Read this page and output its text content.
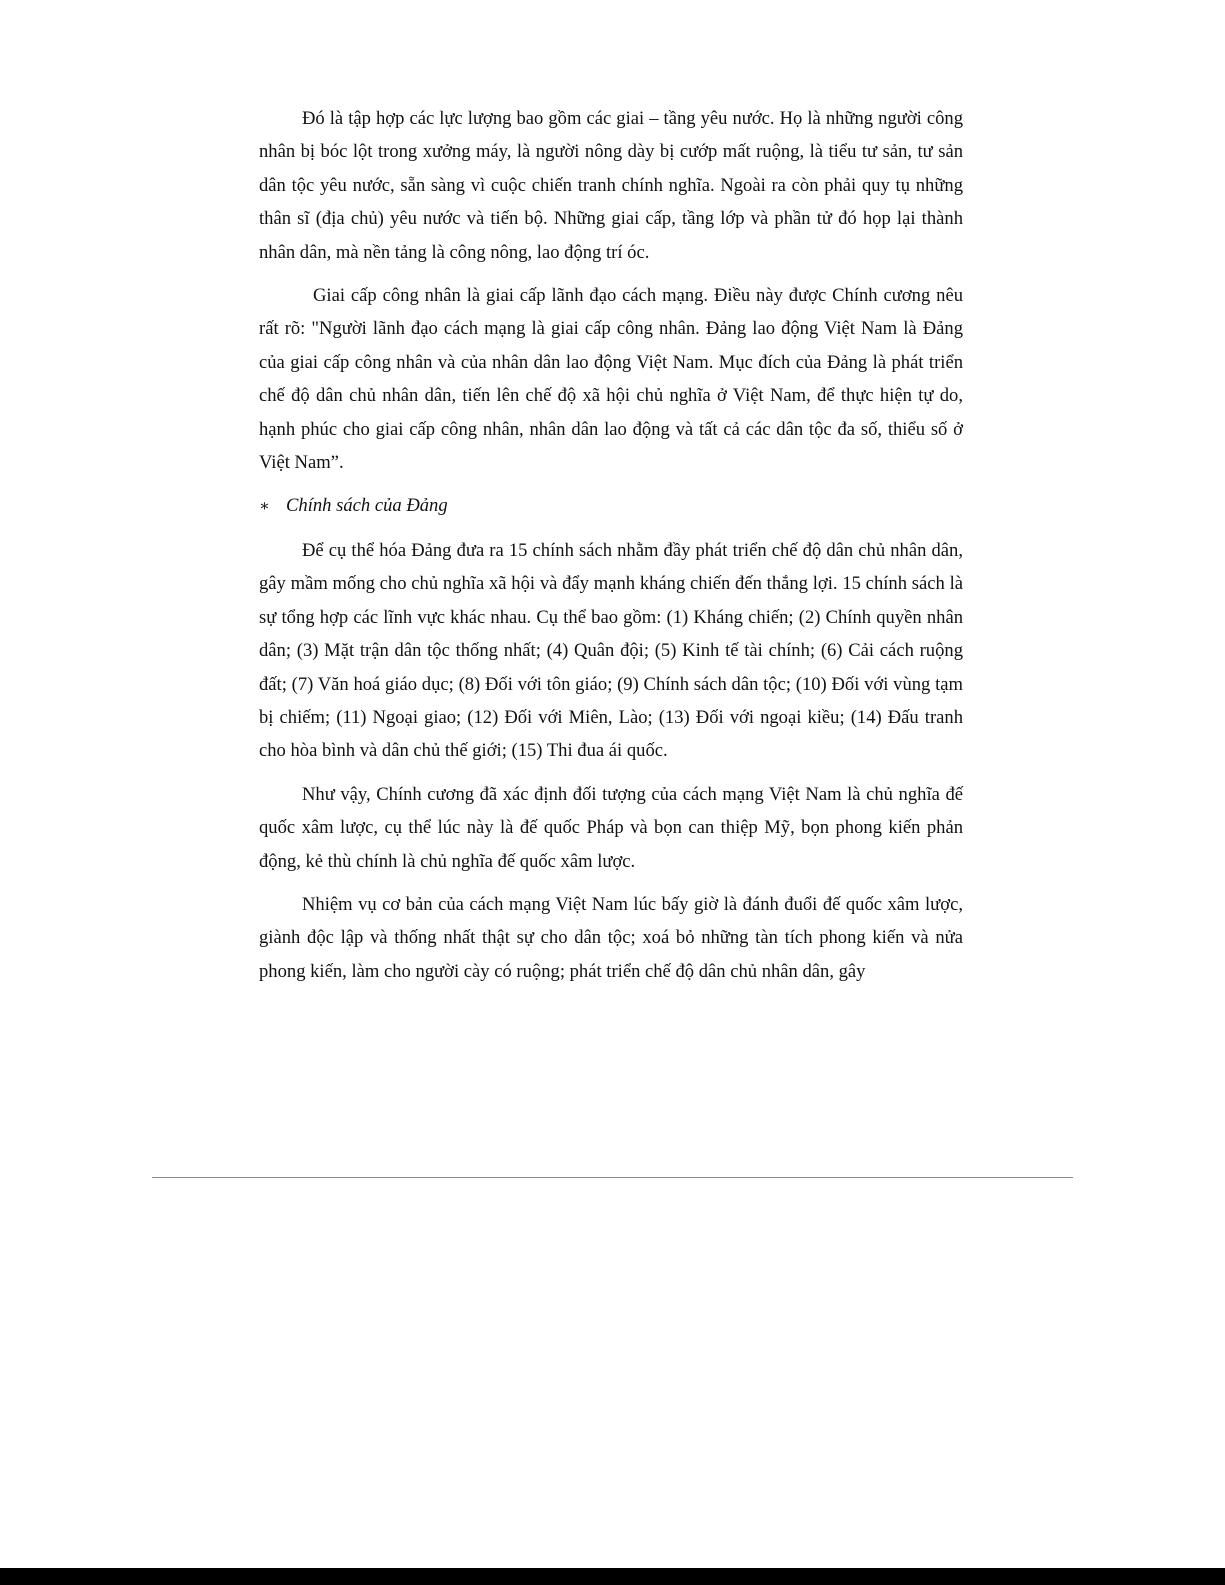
Đó là tập hợp các lực lượng bao gồm các giai – tầng yêu nước. Họ là những người công nhân bị bóc lột trong xưởng máy, là người nông dày bị cướp mất ruộng, là tiểu tư sản, tư sản dân tộc yêu nước, sẵn sàng vì cuộc chiến tranh chính nghĩa. Ngoài ra còn phải quy tụ những thân sĩ (địa chủ) yêu nước và tiến bộ. Những giai cấp, tầng lớp và phần tử đó họp lại thành nhân dân, mà nền tảng là công nông, lao động trí óc.

Giai cấp công nhân là giai cấp lãnh đạo cách mạng. Điều này được Chính cương nêu rất rõ: "Người lãnh đạo cách mạng là giai cấp công nhân. Đảng lao động Việt Nam là Đảng của giai cấp công nhân và của nhân dân lao động Việt Nam. Mục đích của Đảng là phát triển chế độ dân chủ nhân dân, tiến lên chế độ xã hội chủ nghĩa ở Việt Nam, để thực hiện tự do, hạnh phúc cho giai cấp công nhân, nhân dân lao động và tất cả các dân tộc đa số, thiểu số ở Việt Nam”.

∗ Chính sách của Đảng

Để cụ thể hóa Đảng đưa ra 15 chính sách nhằm đầy phát triển chế độ dân chủ nhân dân, gây mầm mống cho chủ nghĩa xã hội và đẩy mạnh kháng chiến đến thắng lợi. 15 chính sách là sự tổng hợp các lĩnh vực khác nhau. Cụ thể bao gồm: (1) Kháng chiến; (2) Chính quyền nhân dân; (3) Mặt trận dân tộc thống nhất; (4) Quân đội; (5) Kinh tế tài chính; (6) Cải cách ruộng đất; (7) Văn hoá giáo dục; (8) Đối với tôn giáo; (9) Chính sách dân tộc; (10) Đối với vùng tạm bị chiếm; (11) Ngoại giao; (12) Đối với Miên, Lào; (13) Đối với ngoại kiều; (14) Đấu tranh cho hòa bình và dân chủ thế giới; (15) Thi đua ái quốc.

Như vậy, Chính cương đã xác định đối tượng của cách mạng Việt Nam là chủ nghĩa đế quốc xâm lược, cụ thể lúc này là đế quốc Pháp và bọn can thiệp Mỹ, bọn phong kiến phản động, kẻ thù chính là chủ nghĩa đế quốc xâm lược.

Nhiệm vụ cơ bản của cách mạng Việt Nam lúc bấy giờ là đánh đuổi đế quốc xâm lược, giành độc lập và thống nhất thật sự cho dân tộc; xoá bỏ những tàn tích phong kiến và nửa phong kiến, làm cho người cày có ruộng; phát triển chế độ dân chủ nhân dân, gây
